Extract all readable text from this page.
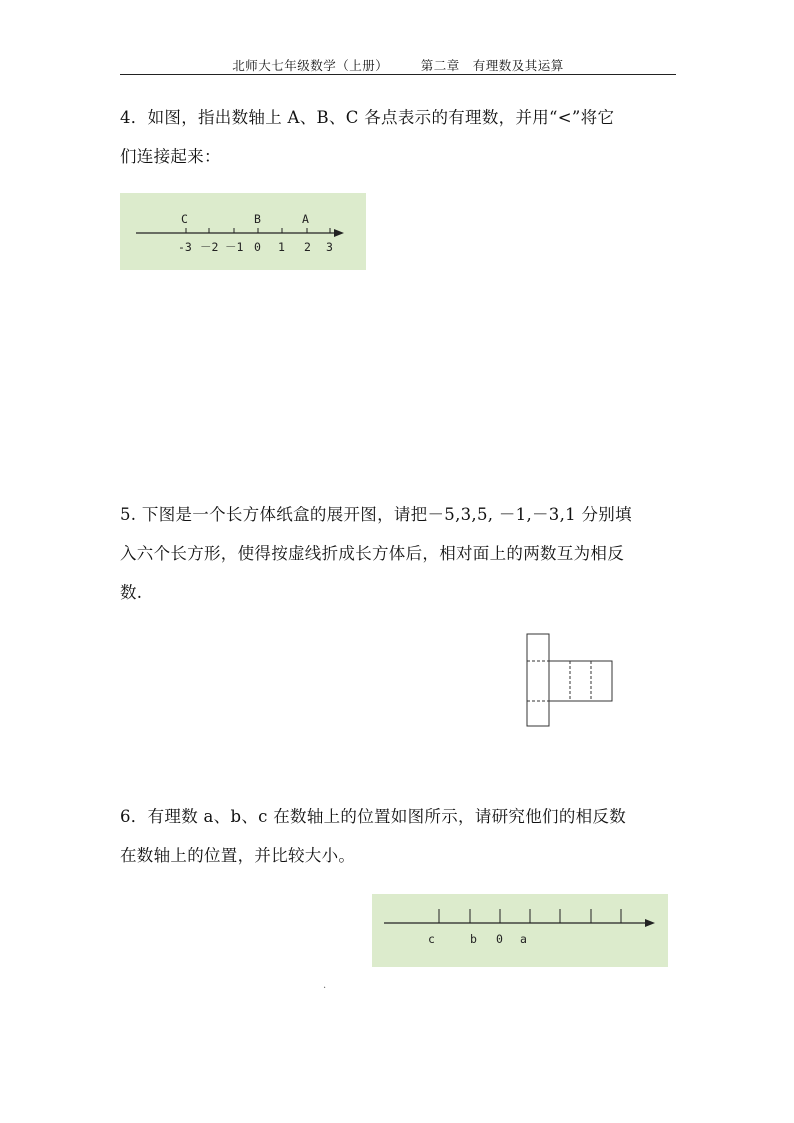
北师大七年级数学（上册）	第二章　有理数及其运算

4．如图，指出数轴上 A、B、C 各点表示的有理数，并用“<”将它

们连接起来：

C	B	A
-3 －2 －1 0 1 2 3

5. 下图是一个长方体纸盒的展开图，请把－5,3,5, －1,－3,1 分别填

入六个长方形，使得按虚线折成长方体后，相对面上的两数互为相反

数.

6．有理数 a、b、c 在数轴上的位置如图所示，请研究他们的相反数

在数轴上的位置，并比较大小。

c	b 0 a
.
